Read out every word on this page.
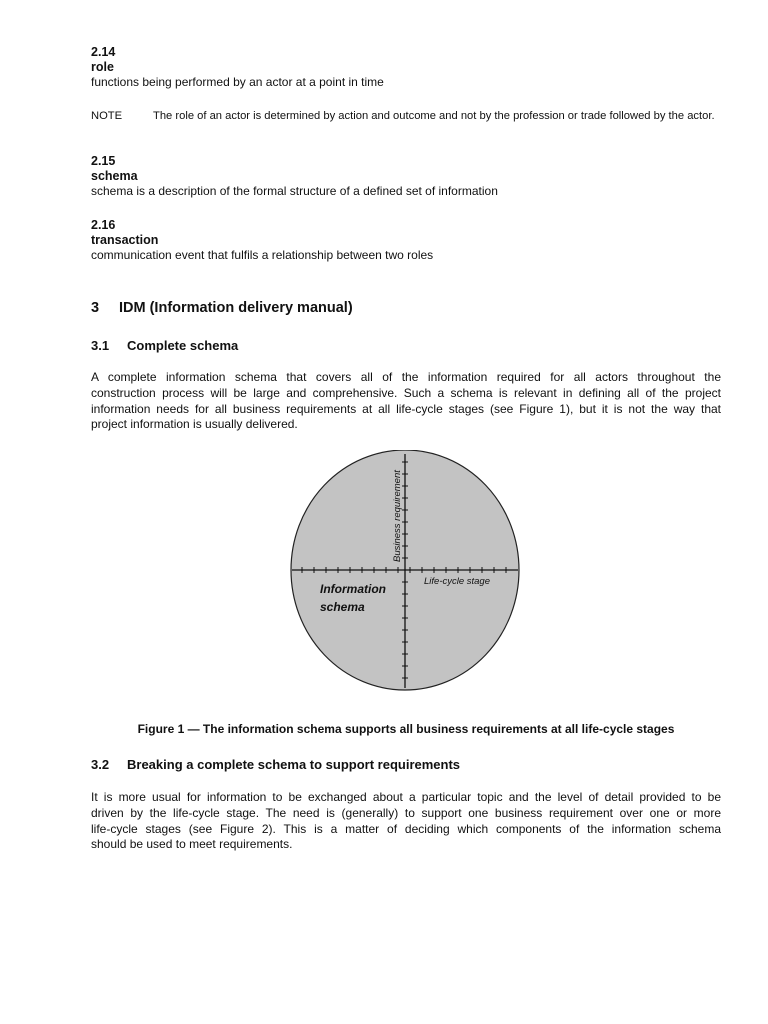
2.14
role
functions being performed by an actor at a point in time
NOTE	The role of an actor is determined by action and outcome and not by the profession or trade followed by the actor.
2.15
schema
schema is a description of the formal structure of a defined set of information
2.16
transaction
communication event that fulfils a relationship between two roles
3 IDM (Information delivery manual)
3.1 Complete schema
A complete information schema that covers all of the information required for all actors throughout the
construction process will be large and comprehensive. Such a schema is relevant in defining all of the project
information needs for all business requirements at all life-cycle stages (see Figure 1), but it is not the way that
project information is usually delivered.
Figure 1 — The information schema supports all business requirements at all life-cycle stages
3.2 Breaking a complete schema to support requirements
It is more usual for information to be exchanged about a particular topic and the level of detail provided to be
driven by the life-cycle stage. The need is (generally) to support one business requirement over one or more
life-cycle stages (see Figure 2). This is a matter of deciding which components of the information schema
should be used to meet requirements.
Business requirement
Life-cycle stage
Information
schema
